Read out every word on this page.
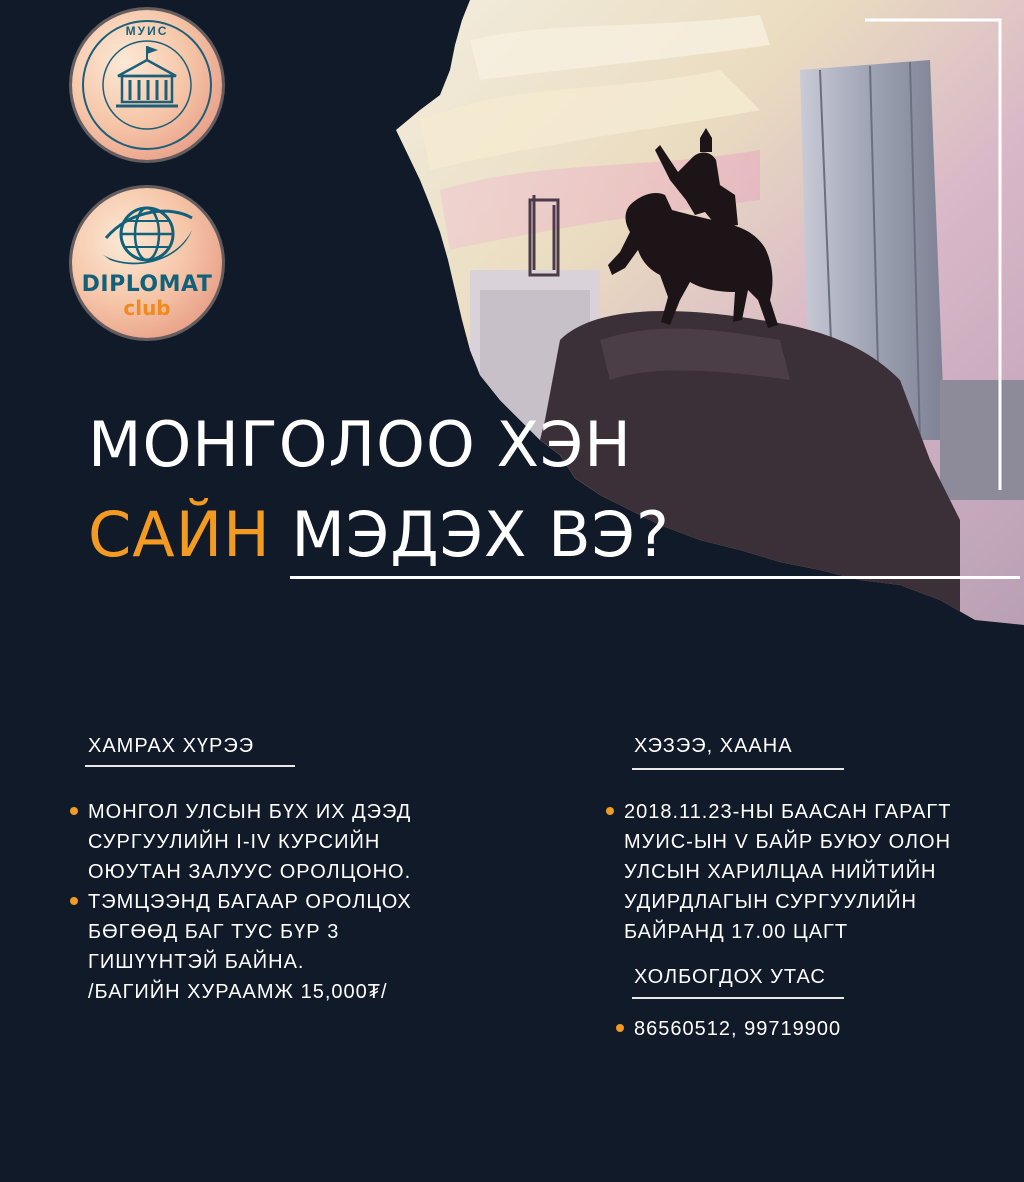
МУИС
DIPLOMAT
club
МОНГОЛОО ХЭН
САЙН МЭДЭХ ВЭ?
ХАМРАХ ХҮРЭЭ
МОНГОЛ УЛСЫН БҮХ ИХ ДЭЭД
СУРГУУЛИЙН I-IV КУРСИЙН
ОЮУТАН ЗАЛУУС ОРОЛЦОНО.
ТЭМЦЭЭНД БАГААР ОРОЛЦОХ
БӨГӨӨД БАГ ТУС БҮР 3
ГИШҮҮНТЭЙ БАЙНА.
/БАГИЙН ХУРААМЖ 15,000₮/
ХЭЗЭЭ, ХААНА
2018.11.23-НЫ БААСАН ГАРАГТ
МУИС-ЫН V БАЙР БУЮУ ОЛОН
УЛСЫН ХАРИЛЦАА НИЙТИЙН
УДИРДЛАГЫН СУРГУУЛИЙН
БАЙРАНД 17.00 ЦАГТ
ХОЛБОГДОХ УТАС
86560512, 99719900
